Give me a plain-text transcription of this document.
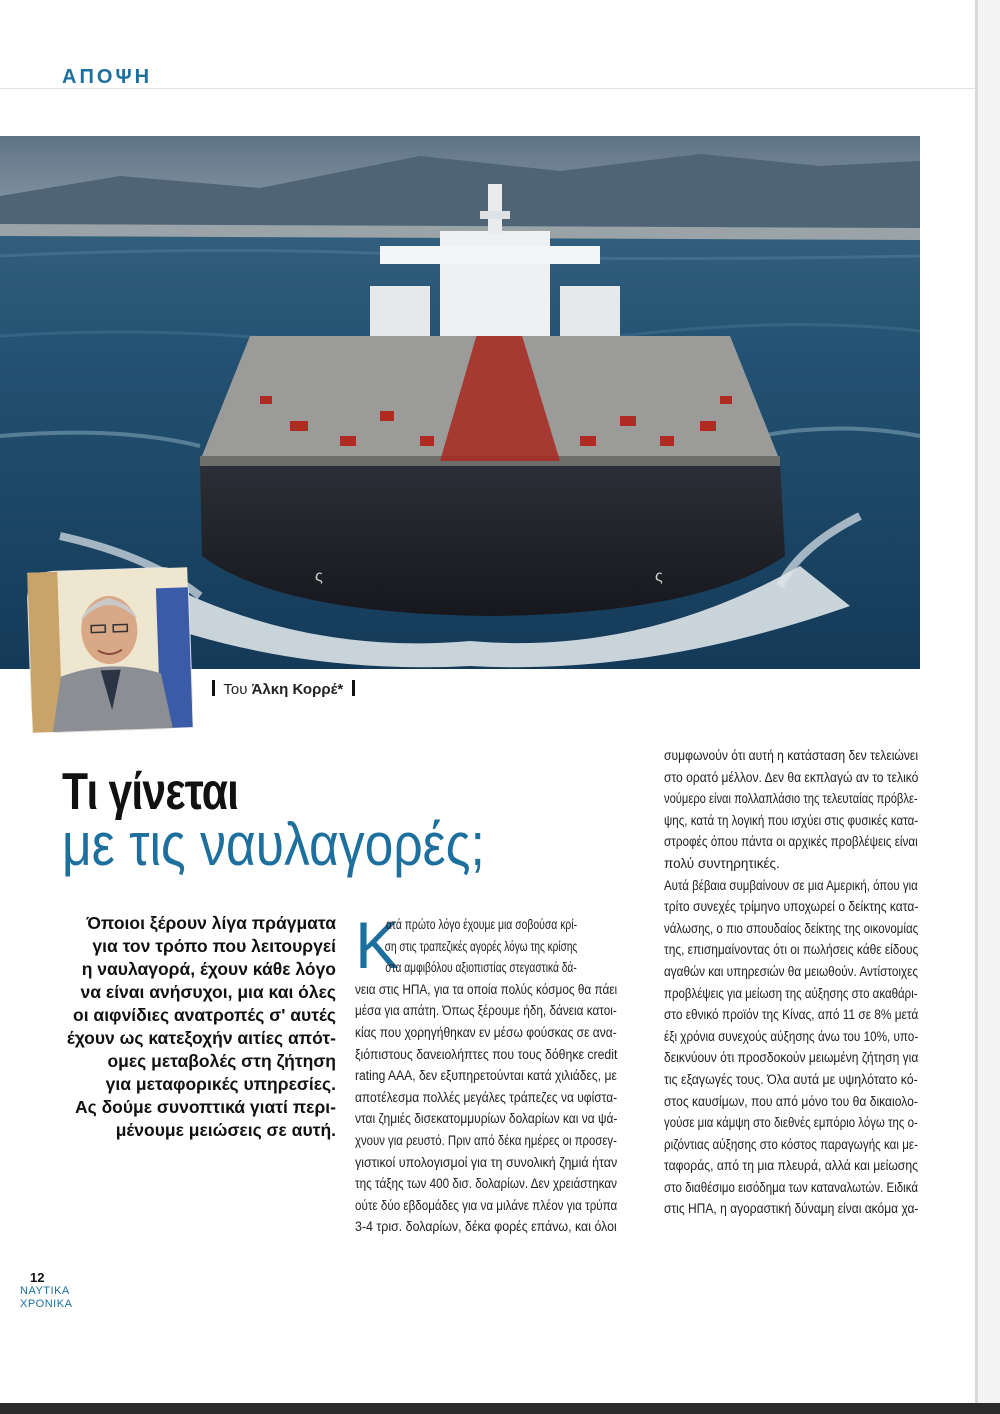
ΑΠΟΨΗ
ς	ς
Του Άλκη Κορρέ*
Τι γίνεται
με τις ναυλαγορές;
Όποιοι ξέρουν λίγα πράγματα
για τον τρόπο που λειτουργεί
η ναυλαγορά, έχουν κάθε λόγο
να είναι ανήσυχοι, μια και όλες
οι αιφνίδιες ανατροπές σ' αυτές
έχουν ως κατεξοχήν αιτίες απότ-
ομες μεταβολές στη ζήτηση
για μεταφορικές υπηρεσίες.
Ας δούμε συνοπτικά γιατί περι-
μένουμε μειώσεις σε αυτή.
Κ
ατά πρώτο λόγο έχουμε μια σοβούσα κρί-
ση στις τραπεζικές αγορές λόγω της κρίσης
στα αμφιβόλου αξιοπιστίας στεγαστικά δά-
νεια στις ΗΠΑ, για τα οποία πολύς κόσμος θα πάει
μέσα για απάτη. Όπως ξέρουμε ήδη, δάνεια κατοι-
κίας που χορηγήθηκαν εν μέσω φούσκας σε ανα-
ξιόπιστους δανειολήπτες που τους δόθηκε credit
rating AAA, δεν εξυπηρετούνται κατά χιλιάδες, με
αποτέλεσμα πολλές μεγάλες τράπεζες να υφίστα-
νται ζημιές δισεκατομμυρίων δολαρίων και να ψά-
χνουν για ρευστό. Πριν από δέκα ημέρες οι προσεγ-
γιστικοί υπολογισμοί για τη συνολική ζημιά ήταν
της τάξης των 400 δισ. δολαρίων. Δεν χρειάστηκαν
ούτε δύο εβδομάδες για να μιλάνε πλέον για τρύπα
3-4 τρισ. δολαρίων, δέκα φορές επάνω, και όλοι
συμφωνούν ότι αυτή η κατάσταση δεν τελειώνει
στο ορατό μέλλον. Δεν θα εκπλαγώ αν το τελικό
νούμερο είναι πολλαπλάσιο της τελευταίας πρόβλε-
ψης, κατά τη λογική που ισχύει στις φυσικές κατα-
στροφές όπου πάντα οι αρχικές προβλέψεις είναι
πολύ συντηρητικές.
Αυτά βέβαια συμβαίνουν σε μια Αμερική, όπου για
τρίτο συνεχές τρίμηνο υποχωρεί ο δείκτης κατα-
νάλωσης, ο πιο σπουδαίος δείκτης της οικονομίας
της, επισημαίνοντας ότι οι πωλήσεις κάθε είδους
αγαθών και υπηρεσιών θα μειωθούν. Αντίστοιχες
προβλέψεις για μείωση της αύξησης στο ακαθάρι-
στο εθνικό προϊόν της Κίνας, από 11 σε 8% μετά
έξι χρόνια συνεχούς αύξησης άνω του 10%, υπο-
δεικνύουν ότι προσδοκούν μειωμένη ζήτηση για
τις εξαγωγές τους. Όλα αυτά με υψηλότατο κό-
στος καυσίμων, που από μόνο του θα δικαιολο-
γούσε μια κάμψη στο διεθνές εμπόριο λόγω της ο-
ριζόντιας αύξησης στο κόστος παραγωγής και με-
ταφοράς, από τη μια πλευρά, αλλά και μείωσης
στο διαθέσιμο εισόδημα των καταναλωτών. Ειδικά
στις ΗΠΑ, η αγοραστική δύναμη είναι ακόμα χα-
12
ΝΑΥΤΙΚΑ
ΧΡΟΝΙΚΑ
